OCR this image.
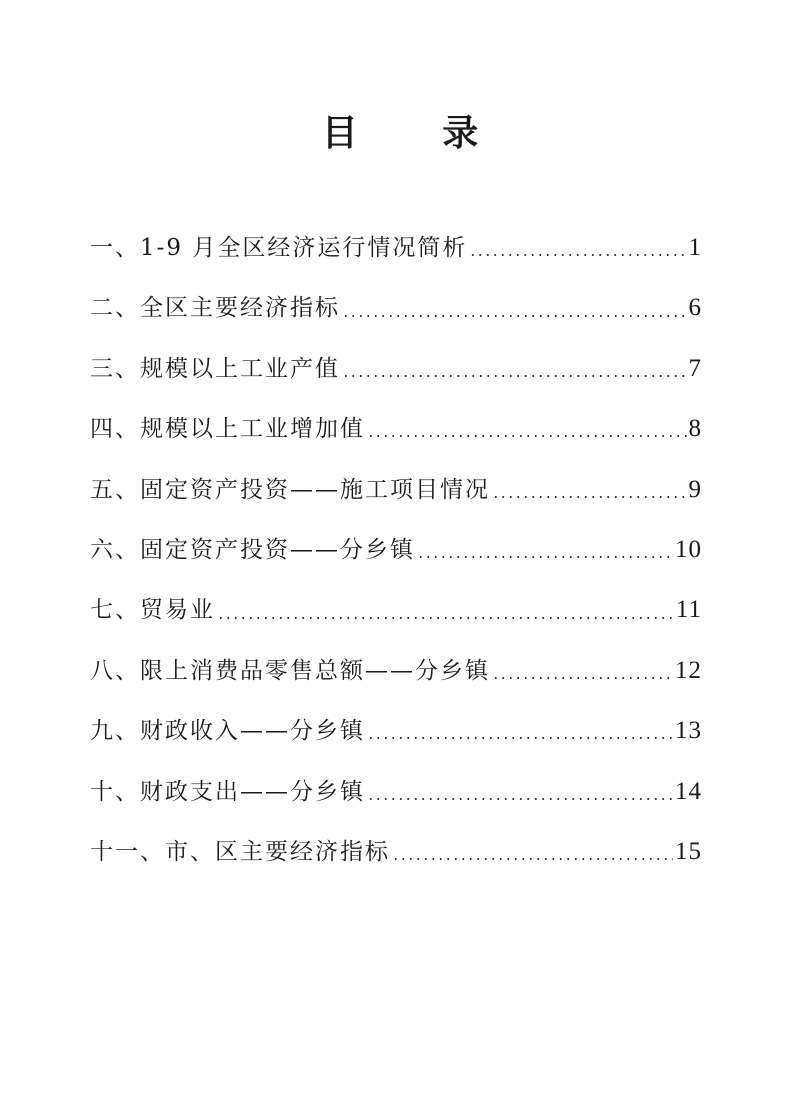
目 录
一、1-9 月全区经济运行情况简析	1
二、全区主要经济指标	6
三、规模以上工业产值	7
四、规模以上工业增加值	8
五、固定资产投资——施工项目情况	9
六、固定资产投资——分乡镇	10
七、贸易业	11
八、限上消费品零售总额——分乡镇	12
九、财政收入——分乡镇	13
十、财政支出——分乡镇	14
十一、市、区主要经济指标	15
